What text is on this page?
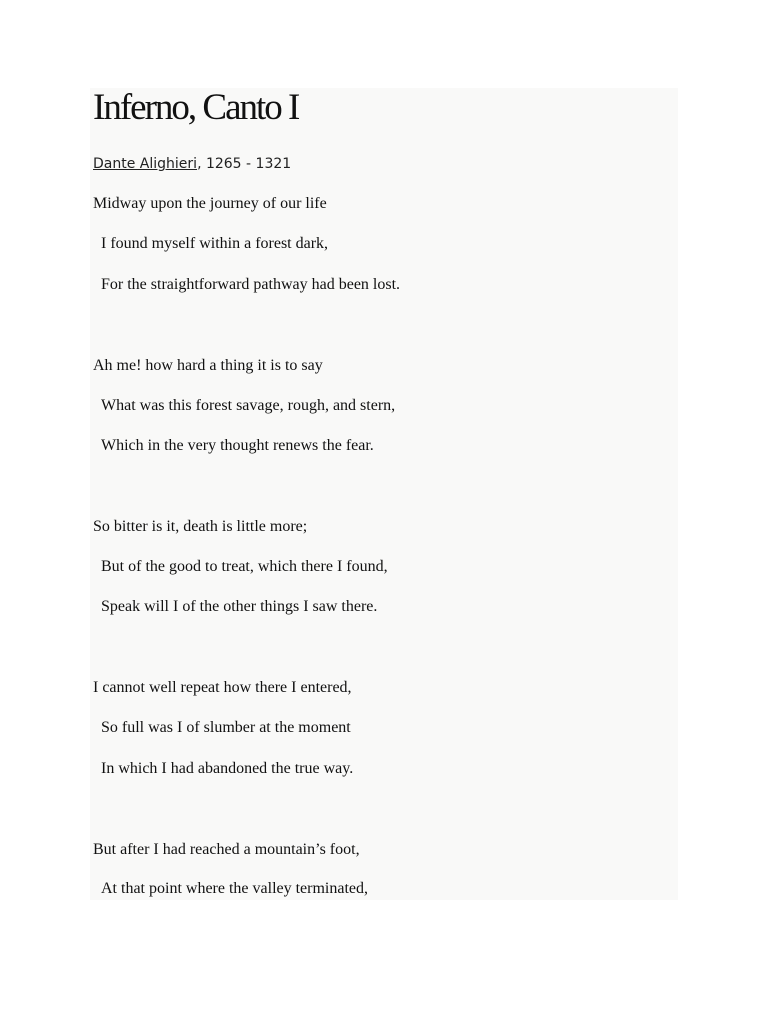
Inferno, Canto I
Dante Alighieri, 1265 - 1321
Midway upon the journey of our life
I found myself within a forest dark,
For the straightforward pathway had been lost.
Ah me! how hard a thing it is to say
What was this forest savage, rough, and stern,
Which in the very thought renews the fear.
So bitter is it, death is little more;
But of the good to treat, which there I found,
Speak will I of the other things I saw there.
I cannot well repeat how there I entered,
So full was I of slumber at the moment
In which I had abandoned the true way.
But after I had reached a mountain’s foot,
At that point where the valley terminated,
